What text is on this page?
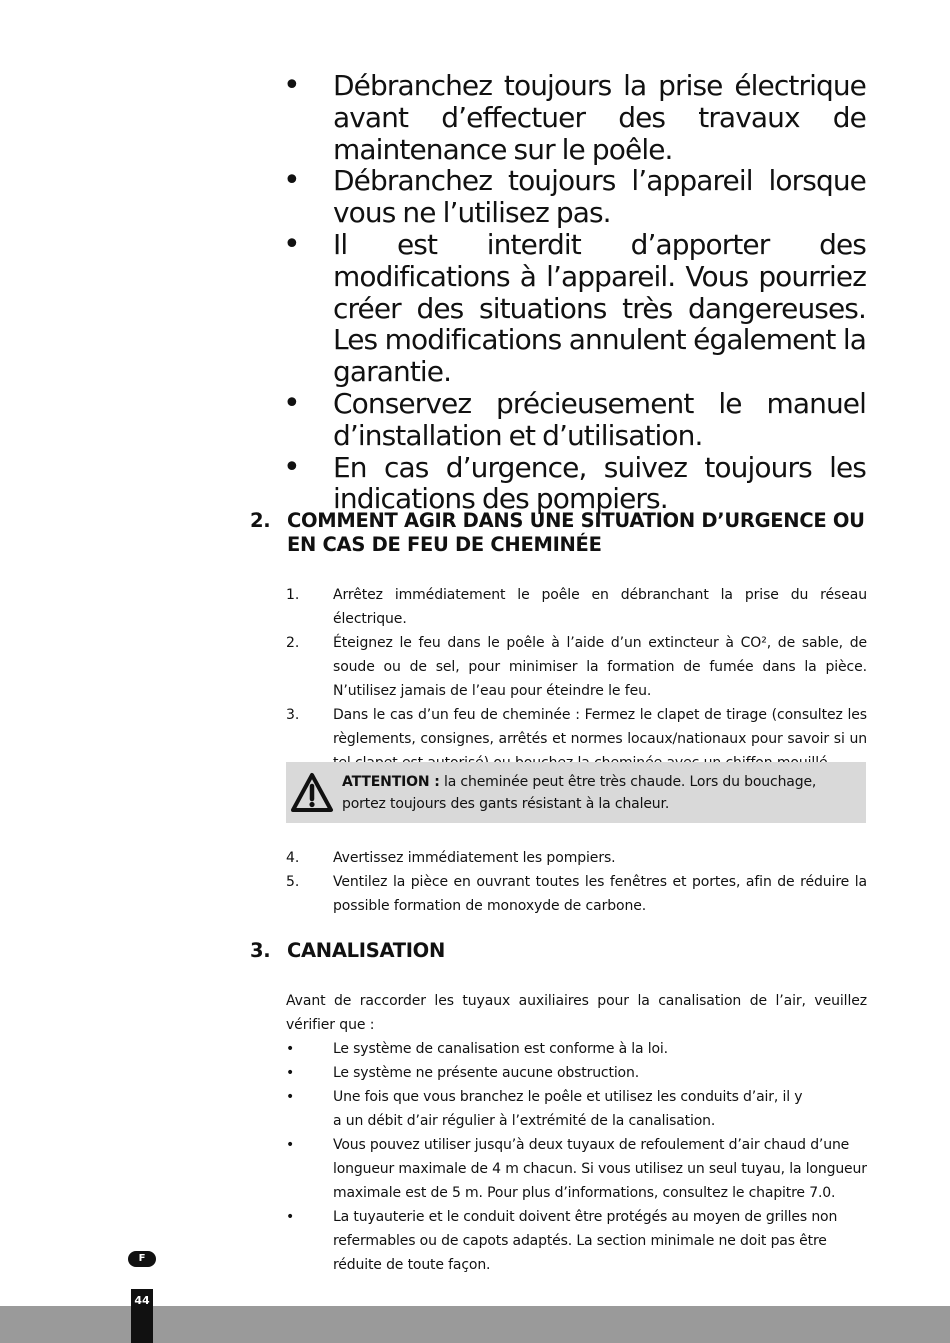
•	Débranchez toujours la prise électrique avant d’effectuer des travaux de maintenance sur le poêle.
•	Débranchez toujours l’appareil lorsque vous ne l’utilisez pas.
•	Il est interdit d’apporter des modifications à l’appareil. Vous pourriez créer des situations très dangereuses. Les modifications annulent également la garantie.
•	Conservez précieusement le manuel d’installation et d’utilisation.
•	En cas d’urgence, suivez toujours les indications des pompiers.
2. COMMENT AGIR DANS UNE SITUATION D’URGENCE OU EN CAS DE FEU DE CHEMINÉE
1.	Arrêtez immédiatement le poêle en débranchant la prise du réseau électrique.
2.	Éteignez le feu dans le poêle à l’aide d’un extincteur à CO², de sable, de soude ou de sel, pour minimiser la formation de fumée dans la pièce. N’utilisez jamais de l’eau pour éteindre le feu.
3.	Dans le cas d’un feu de cheminée : Fermez le clapet de tirage (consultez les règlements, consignes, arrêtés et normes locaux/nationaux pour savoir si un
ATTENTION : la cheminée peut être très chaude. Lors du bouchage, portez toujours des gants résistant à la chaleur.
4.	Avertissez immédiatement les pompiers.
5.	Ventilez la pièce en ouvrant toutes les fenêtres et portes, afin de réduire la possible formation de monoxyde de carbone.
3. CANALISATION
Avant de raccorder les tuyaux auxiliaires pour la canalisation de l’air, veuillez vérifier que :
•	Le système de canalisation est conforme à la loi.
•	Le système ne présente aucune obstruction.
•	Une fois que vous branchez le poêle et utilisez les conduits d’air, il y
a un débit d’air régulier à l’extrémité de la canalisation.
•	Vous pouvez utiliser jusqu’à deux tuyaux de refoulement d’air chaud d’une
longueur maximale de 4 m chacun. Si vous utilisez un seul tuyau, la longueur
maximale est de 5 m. Pour plus d’informations, consultez le chapitre 7.0.
•	La tuyauterie et le conduit doivent être protégés au moyen de grilles non
refermables ou de capots adaptés. La section minimale ne doit pas être
réduite de toute façon.
F
44
